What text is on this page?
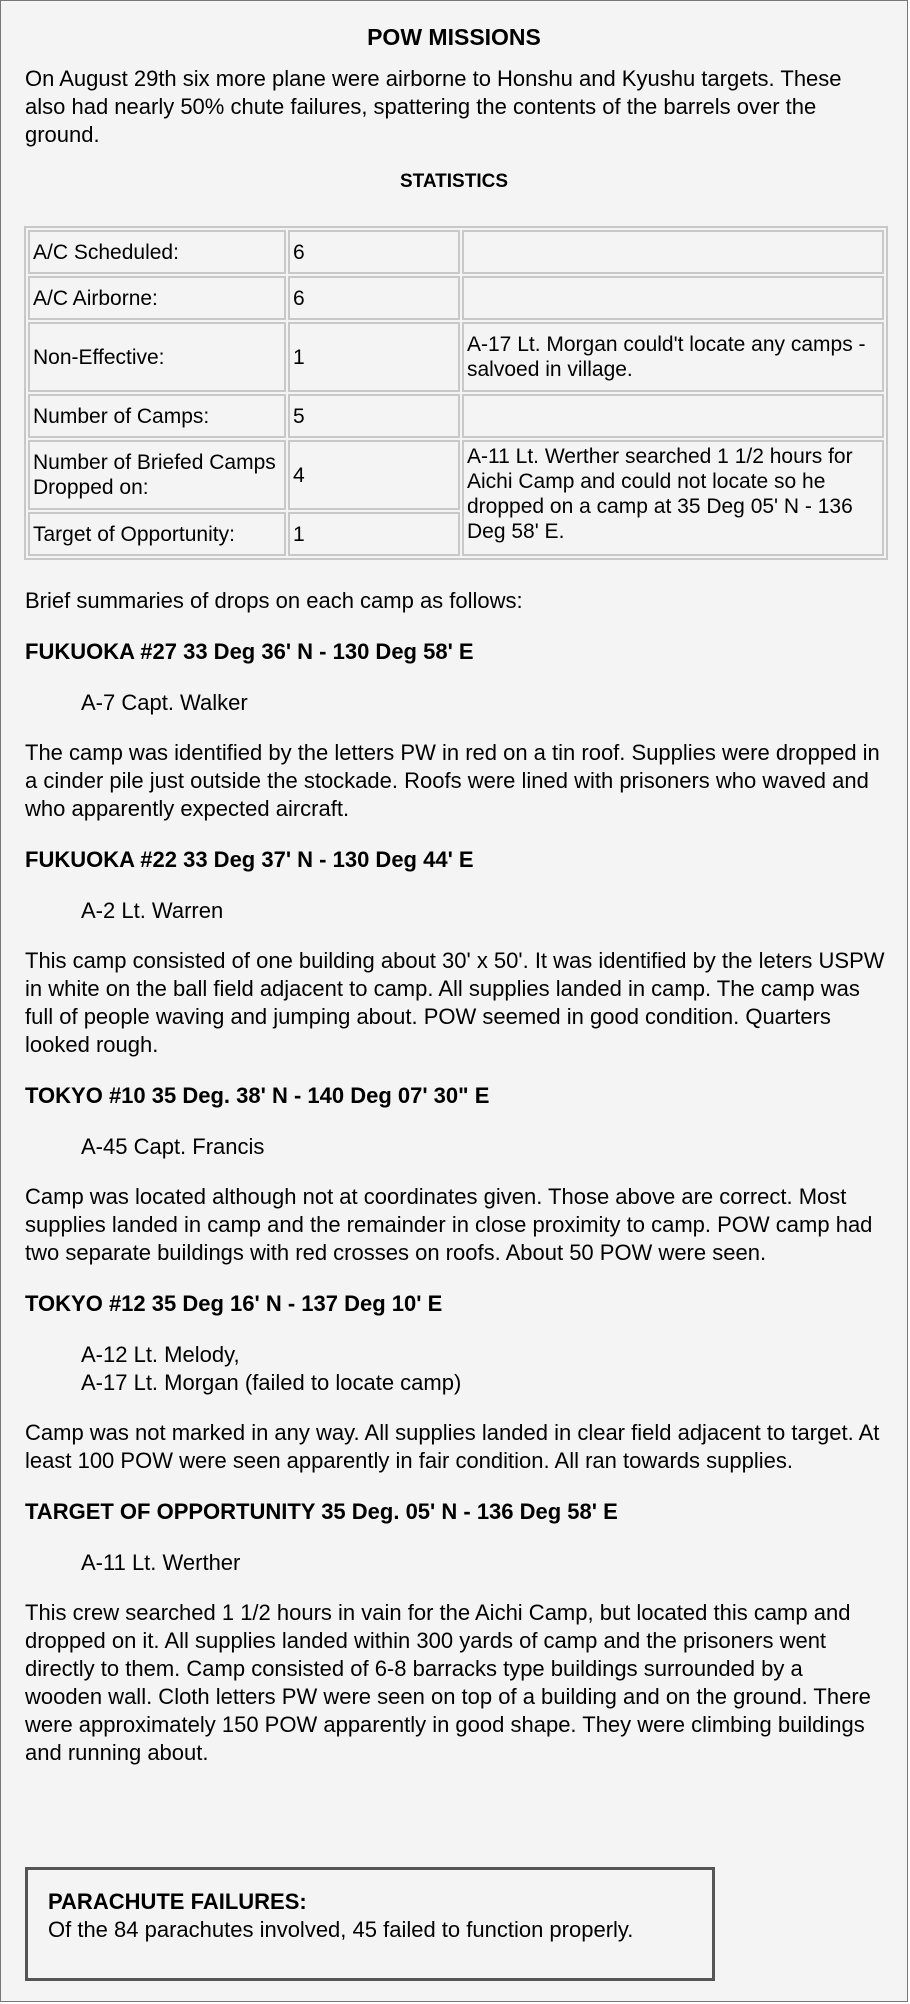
POW MISSIONS
On August 29th six more plane were airborne to Honshu and Kyushu targets. These also had nearly 50% chute failures, spattering the contents of the barrels over the ground.
STATISTICS
A/C Scheduled:	6	
A/C Airborne:	6	
Non-Effective:	1	A-17 Lt. Morgan could't locate any camps - salvoed in village.
Number of Camps:	5	
Number of Briefed Camps Dropped on:	4	A-11 Lt. Werther searched 1 1/2 hours for Aichi Camp and could not locate so he dropped on a camp at 35 Deg 05' N - 136 Deg 58' E.
Target of Opportunity:	1	
Brief summaries of drops on each camp as follows:
FUKUOKA #27 33 Deg 36' N - 130 Deg 58' E
A-7 Capt. Walker
The camp was identified by the letters PW in red on a tin roof. Supplies were dropped in a cinder pile just outside the stockade. Roofs were lined with prisoners who waved and who apparently expected aircraft.
FUKUOKA #22 33 Deg 37' N - 130 Deg 44' E
A-2 Lt. Warren
This camp consisted of one building about 30' x 50'. It was identified by the leters USPW in white on the ball field adjacent to camp. All supplies landed in camp. The camp was full of people waving and jumping about. POW seemed in good condition. Quarters looked rough.
TOKYO #10 35 Deg. 38' N - 140 Deg 07' 30" E
A-45 Capt. Francis
Camp was located although not at coordinates given. Those above are correct. Most supplies landed in camp and the remainder in close proximity to camp. POW camp had two separate buildings with red crosses on roofs. About 50 POW were seen.
TOKYO #12 35 Deg 16' N - 137 Deg 10' E
A-12 Lt. Melody,
A-17 Lt. Morgan (failed to locate camp)
Camp was not marked in any way. All supplies landed in clear field adjacent to target. At least 100 POW were seen apparently in fair condition. All ran towards supplies.
TARGET OF OPPORTUNITY 35 Deg. 05' N - 136 Deg 58' E
A-11 Lt. Werther
This crew searched 1 1/2 hours in vain for the Aichi Camp, but located this camp and dropped on it. All supplies landed within 300 yards of camp and the prisoners went directly to them. Camp consisted of 6-8 barracks type buildings surrounded by a wooden wall. Cloth letters PW were seen on top of a building and on the ground. There were approximately 150 POW apparently in good shape. They were climbing buildings and running about.
PARACHUTE FAILURES:
Of the 84 parachutes involved, 45 failed to function properly.
